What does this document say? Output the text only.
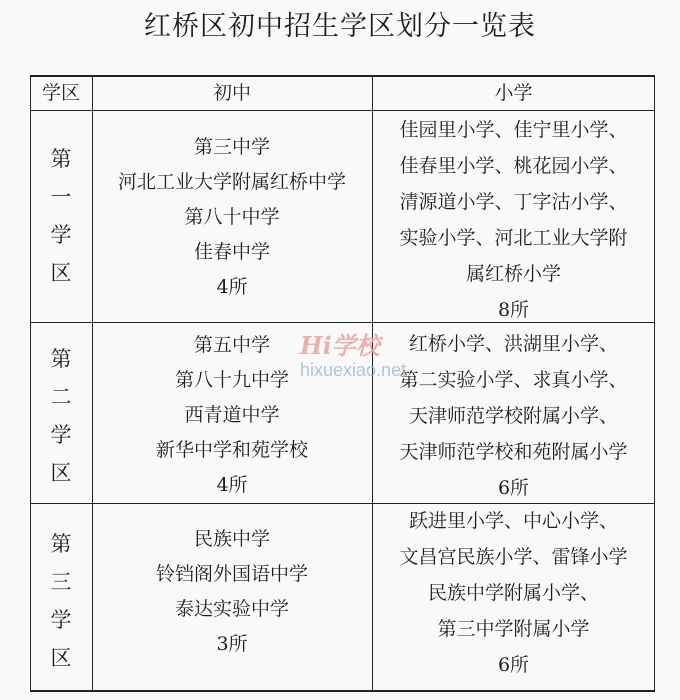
红桥区初中招生学区划分一览表
学区	初中	小学
第
一
学
区
第三中学
河北工业大学附属红桥中学
第八十中学
佳春中学
4所
佳园里小学、佳宁里小学、
佳春里小学、桃花园小学、
清源道小学、丁字沽小学、
实验小学、河北工业大学附
属红桥小学
8所
第
二
学
区
第五中学
第八十九中学
西青道中学
新华中学和苑学校
4所
红桥小学、洪湖里小学、
第二实验小学、求真小学、
天津师范学校附属小学、
天津师范学校和苑附属小学
6所
第
三
学
区
民族中学
铃铛阁外国语中学
泰达实验中学
3所
跃进里小学、中心小学、
文昌宫民族小学、雷锋小学
民族中学附属小学、
第三中学附属小学
6所
Hi学校
hixuexiao.net
